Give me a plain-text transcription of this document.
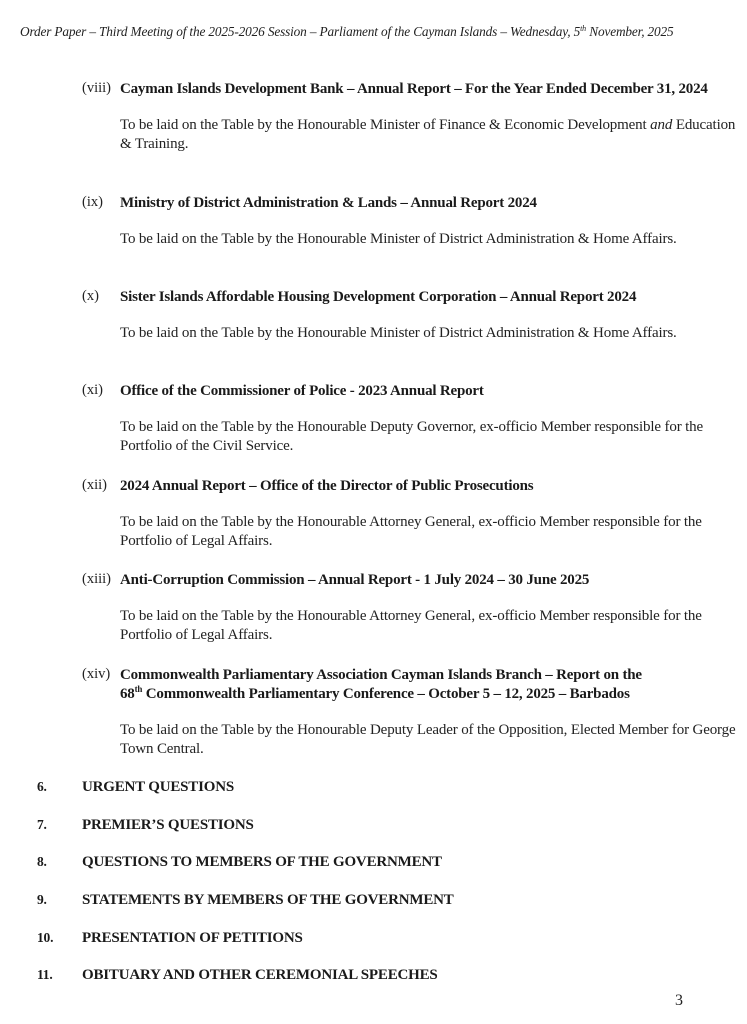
Order Paper – Third Meeting of the 2025-2026 Session – Parliament of the Cayman Islands – Wednesday, 5th November, 2025
(viii) Cayman Islands Development Bank – Annual Report – For the Year Ended December 31, 2024
To be laid on the Table by the Honourable Minister of Finance & Economic Development and Education & Training.
(ix) Ministry of District Administration & Lands – Annual Report 2024
To be laid on the Table by the Honourable Minister of District Administration & Home Affairs.
(x) Sister Islands Affordable Housing Development Corporation – Annual Report 2024
To be laid on the Table by the Honourable Minister of District Administration & Home Affairs.
(xi) Office of the Commissioner of Police - 2023 Annual Report
To be laid on the Table by the Honourable Deputy Governor, ex-officio Member responsible for the Portfolio of the Civil Service.
(xii) 2024 Annual Report – Office of the Director of Public Prosecutions
To be laid on the Table by the Honourable Attorney General, ex-officio Member responsible for the Portfolio of Legal Affairs.
(xiii) Anti-Corruption Commission – Annual Report - 1 July 2024 – 30 June 2025
To be laid on the Table by the Honourable Attorney General, ex-officio Member responsible for the Portfolio of Legal Affairs.
(xiv) Commonwealth Parliamentary Association Cayman Islands Branch – Report on the
68th Commonwealth Parliamentary Conference – October 5 – 12, 2025 – Barbados
To be laid on the Table by the Honourable Deputy Leader of the Opposition, Elected Member for George Town Central.
6. URGENT QUESTIONS
7. PREMIER’S QUESTIONS
8. QUESTIONS TO MEMBERS OF THE GOVERNMENT
9. STATEMENTS BY MEMBERS OF THE GOVERNMENT
10. PRESENTATION OF PETITIONS
11. OBITUARY AND OTHER CEREMONIAL SPEECHES
3
